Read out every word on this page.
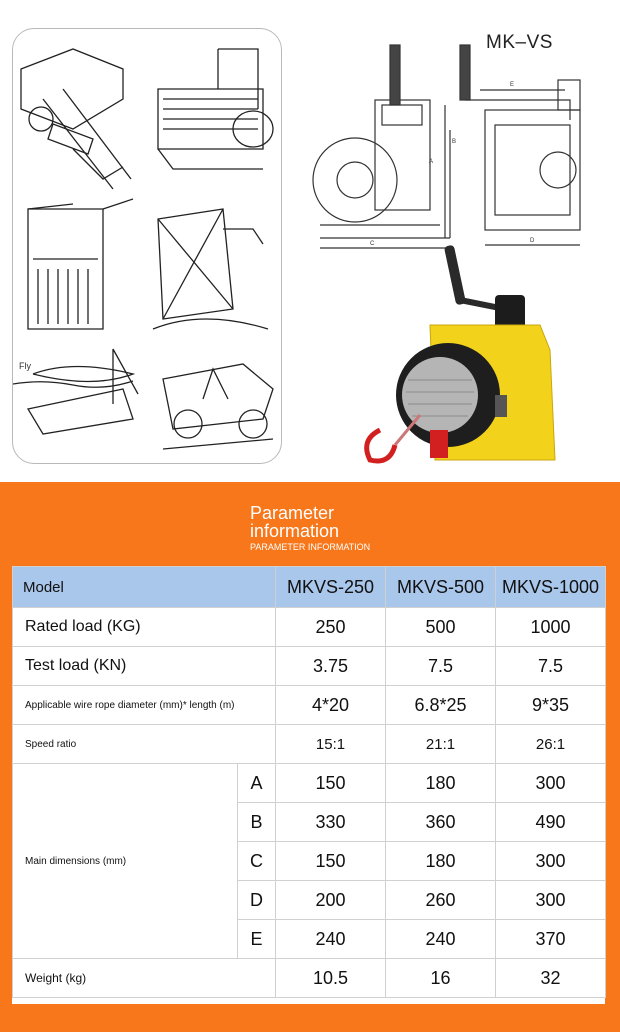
Fly
MK–VS
E
B
A
C	D
Parameter
information
PARAMETER INFORMATION
Model		MKVS-250	MKVS-500	MKVS-1000
Rated load (KG)		250	500	1000
Test load (KN)		3.75	7.5	7.5
Applicable wire rope diameter (mm)* length (m)		4*20	6.8*25	9*35
Speed ratio		15:1	21:1	26:1
Main dimensions (mm)	A	150	180	300
	B	330	360	490
	C	150	180	300
	D	200	260	300
	E	240	240	370
Weight (kg)		10.5	16	32
